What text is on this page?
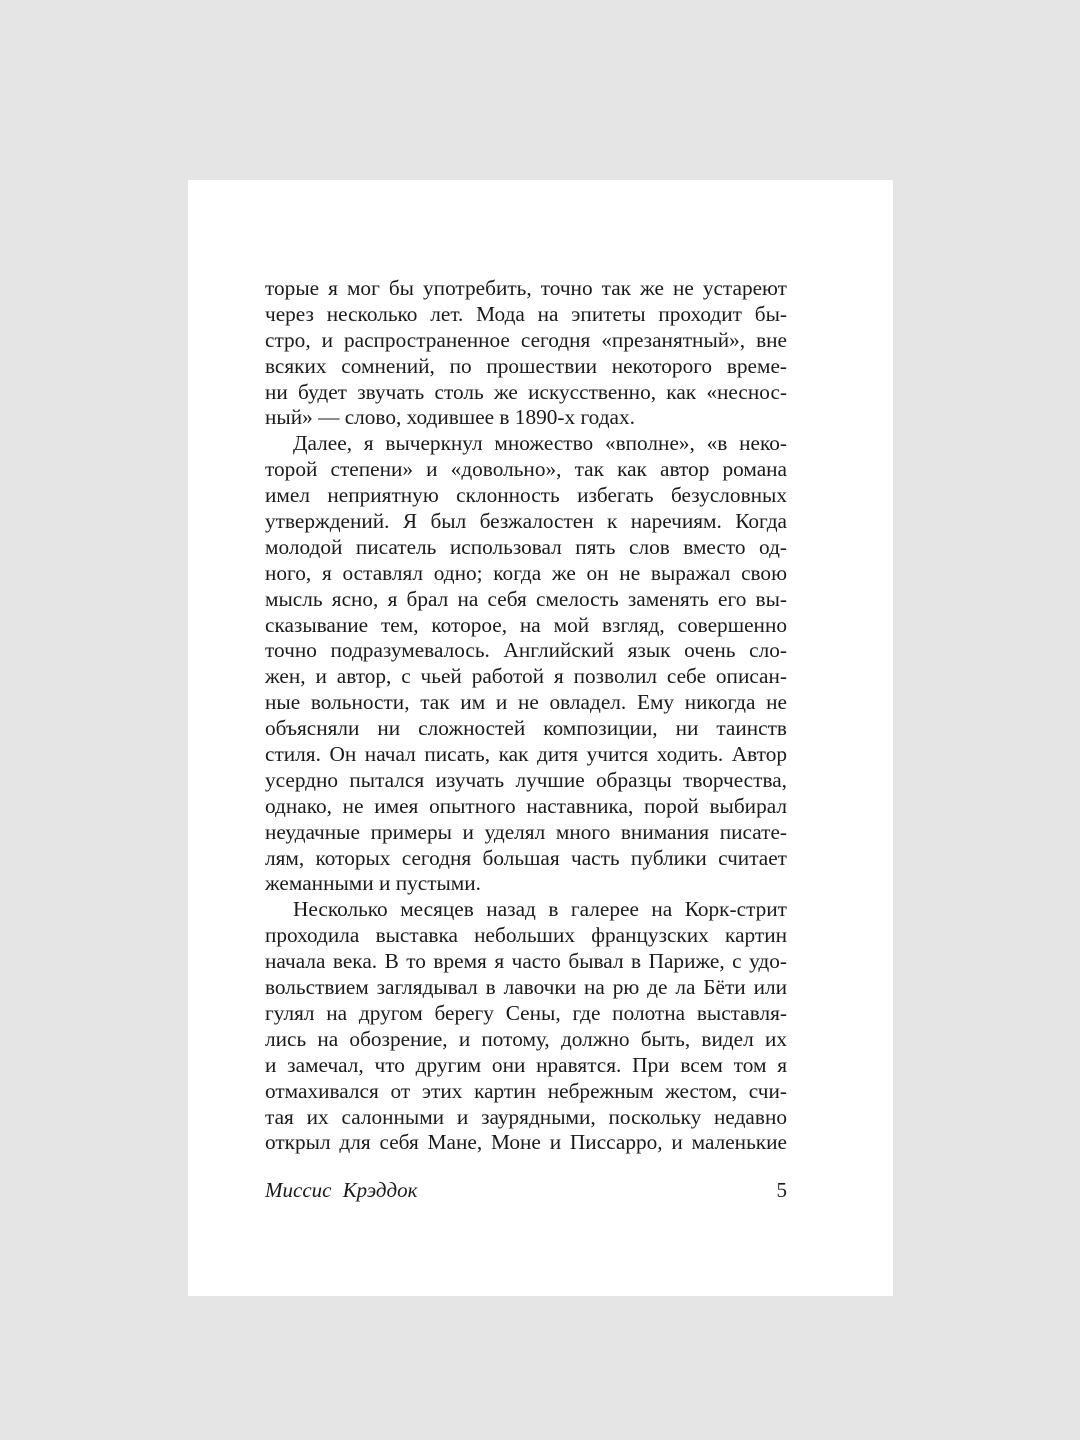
торые я мог бы употребить, точно так же не устареют
через несколько лет. Мода на эпитеты проходит бы-
стро, и распространенное сегодня «презанятный», вне
всяких сомнений, по прошествии некоторого време-
ни будет звучать столь же искусственно, как «неснос-
ный» — слово, ходившее в 1890-х годах.
Далее, я вычеркнул множество «вполне», «в неко-
торой степени» и «довольно», так как автор романа
имел неприятную склонность избегать безусловных
утверждений. Я был безжалостен к наречиям. Когда
молодой писатель использовал пять слов вместо од-
ного, я оставлял одно; когда же он не выражал свою
мысль ясно, я брал на себя смелость заменять его вы-
сказывание тем, которое, на мой взгляд, совершенно
точно подразумевалось. Английский язык очень сло-
жен, и автор, с чьей работой я позволил себе описан-
ные вольности, так им и не овладел. Ему никогда не
объясняли ни сложностей композиции, ни таинств
стиля. Он начал писать, как дитя учится ходить. Автор
усердно пытался изучать лучшие образцы творчества,
однако, не имея опытного наставника, порой выбирал
неудачные примеры и уделял много внимания писате-
лям, которых сегодня большая часть публики считает
жеманными и пустыми.
Несколько месяцев назад в галерее на Корк-стрит
проходила выставка небольших французских картин
начала века. В то время я часто бывал в Париже, с удо-
вольствием заглядывал в лавочки на рю де ла Бёти или
гулял на другом берегу Сены, где полотна выставля-
лись на обозрение, и потому, должно быть, видел их
и замечал, что другим они нравятся. При всем том я
отмахивался от этих картин небрежным жестом, счи-
тая их салонными и заурядными, поскольку недавно
открыл для себя Мане, Моне и Писсарро, и маленькие
Миссис Крэддок	5
